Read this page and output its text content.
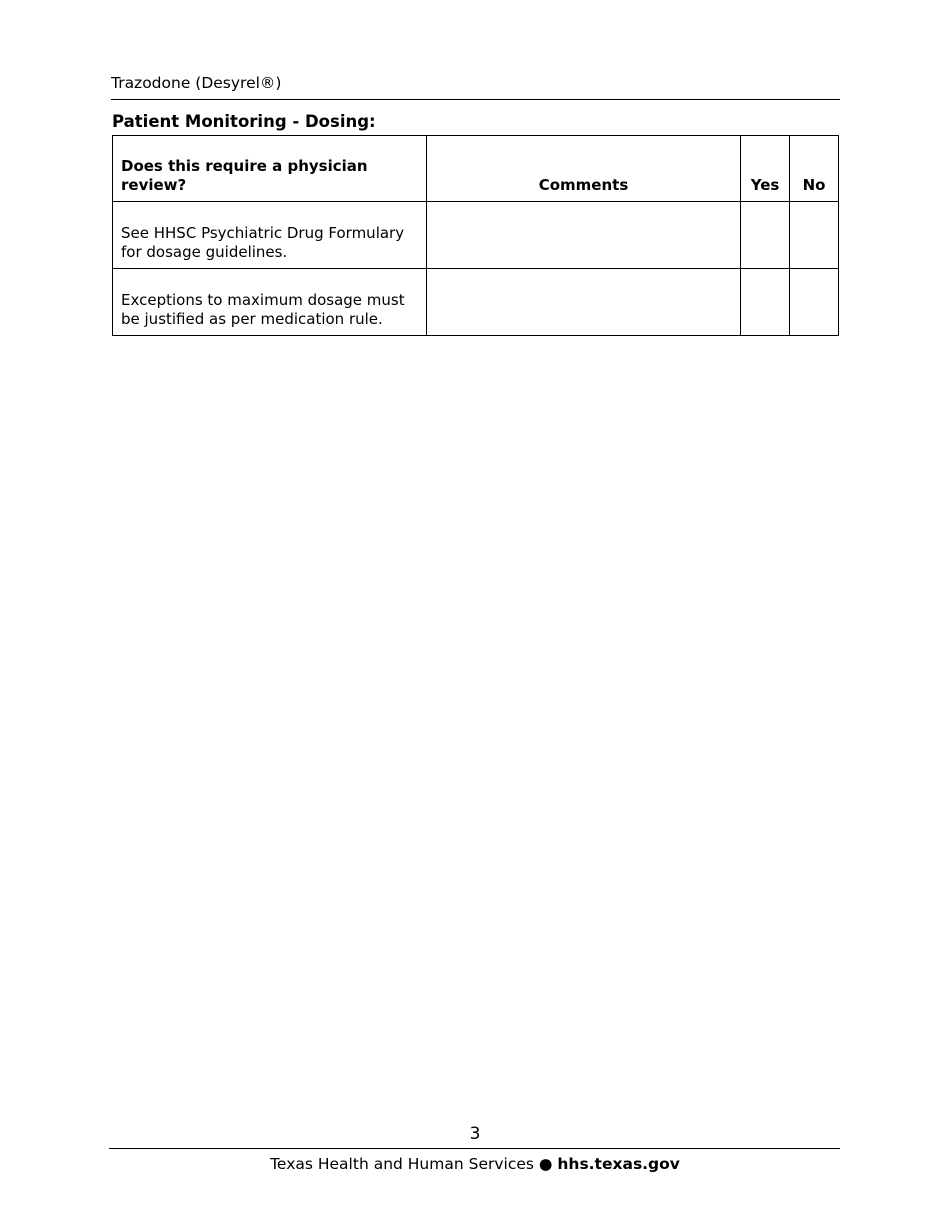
Trazodone (Desyrel®)
Patient Monitoring - Dosing:
Does this require a physician review?	Comments	Yes	No
See HHSC Psychiatric Drug Formulary for dosage guidelines.			
Exceptions to maximum dosage must be justified as per medication rule.			
3
Texas Health and Human Services ● hhs.texas.gov
